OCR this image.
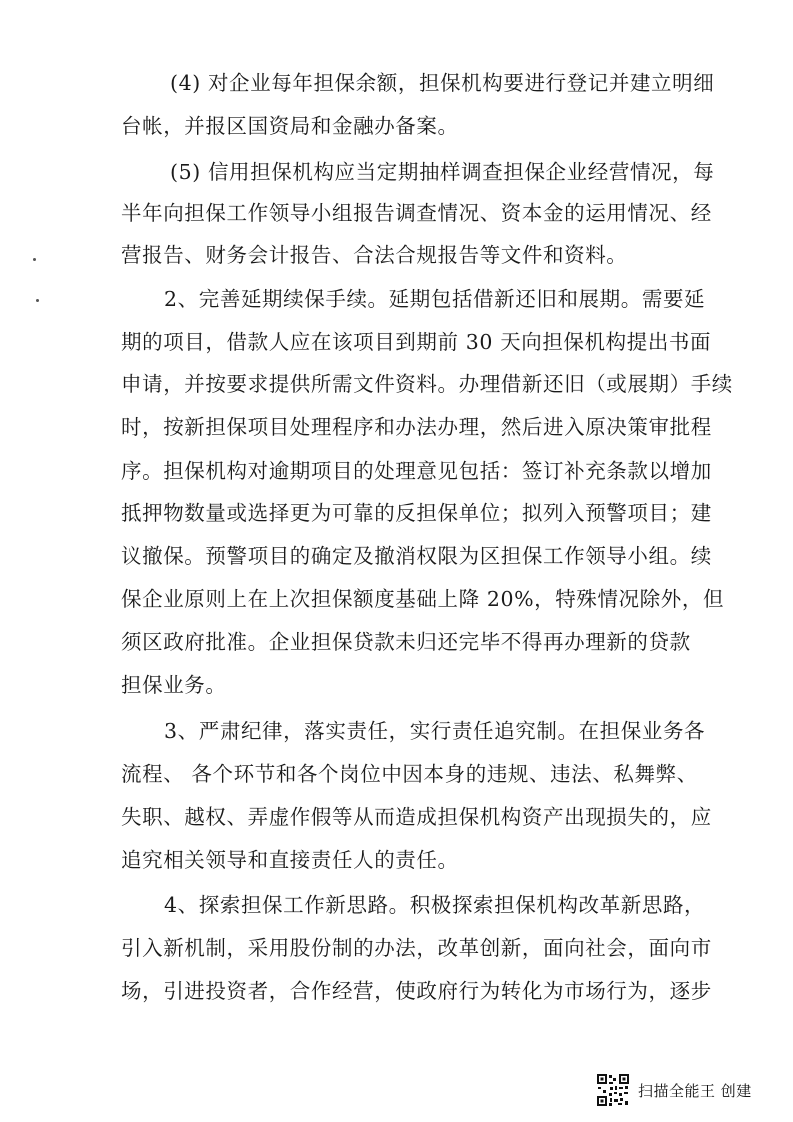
(4) 对企业每年担保余额，担保机构要进行登记并建立明细
台帐，并报区国资局和金融办备案。
(5) 信用担保机构应当定期抽样调查担保企业经营情况，每
半年向担保工作领导小组报告调查情况、资本金的运用情况、经
营报告、财务会计报告、合法合规报告等文件和资料。
2、完善延期续保手续。延期包括借新还旧和展期。需要延
期的项目，借款人应在该项目到期前 30 天向担保机构提出书面
申请，并按要求提供所需文件资料。办理借新还旧（或展期）手续
时，按新担保项目处理程序和办法办理，然后进入原决策审批程
序。担保机构对逾期项目的处理意见包括：签订补充条款以增加
抵押物数量或选择更为可靠的反担保单位；拟列入预警项目；建
议撤保。预警项目的确定及撤消权限为区担保工作领导小组。续
保企业原则上在上次担保额度基础上降 20%，特殊情况除外，但
须区政府批准。企业担保贷款未归还完毕不得再办理新的贷款
担保业务。
3、严肃纪律，落实责任，实行责任追究制。在担保业务各
流程、 各个环节和各个岗位中因本身的违规、违法、私舞弊、
失职、越权、弄虚作假等从而造成担保机构资产出现损失的，应
追究相关领导和直接责任人的责任。
4、探索担保工作新思路。积极探索担保机构改革新思路，
引入新机制，采用股份制的办法，改革创新，面向社会，面向市
场，引进投资者，合作经营，使政府行为转化为市场行为，逐步
扫描全能王 创建
